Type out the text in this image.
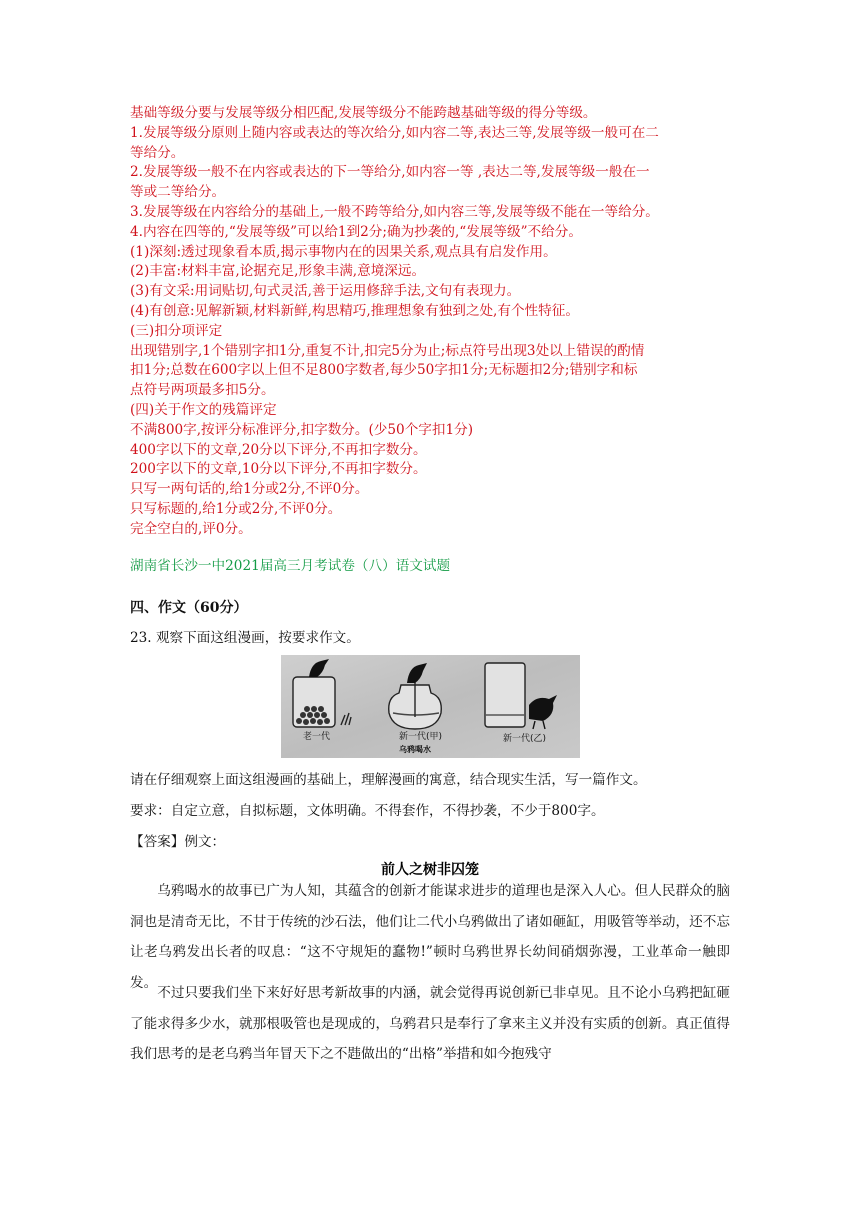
基础等级分要与发展等级分相匹配,发展等级分不能跨越基础等级的得分等级。

1.发展等级分原则上随内容或表达的等次给分,如内容二等,表达三等,发展等级一般可在二

等给分。

2.发展等级一般不在内容或表达的下一等给分,如内容一等 ,表达二等,发展等级一般在一

等或二等给分。

3.发展等级在内容给分的基础上,一般不跨等给分,如内容三等,发展等级不能在一等给分。

4.内容在四等的,“发展等级”可以给1到2分;确为抄袭的,“发展等级”不给分。

(1)深刻:透过现象看本质,揭示事物内在的因果关系,观点具有启发作用。

(2)丰富:材料丰富,论据充足,形象丰满,意境深远。

(3)有文采:用词贴切,句式灵活,善于运用修辞手法,文句有表现力。

(4)有创意:见解新颖,材料新鲜,构思精巧,推理想象有独到之处,有个性特征。

(三)扣分项评定

出现错别字,1个错别字扣1分,重复不计,扣完5分为止;标点符号出现3处以上错误的酌情

扣1分;总数在600字以上但不足800字数者,每少50字扣1分;无标题扣2分;错别字和标

点符号两项最多扣5分。

(四)关于作文的残篇评定

不满800字,按评分标准评分,扣字数分。(少50个字扣1分)

400字以下的文章,20分以下评分,不再扣字数分。

200字以下的文章,10分以下评分,不再扣字数分。

只写一两句话的,给1分或2分,不评0分。

只写标题的,给1分或2分,不评0分。

完全空白的,评0分。

湖南省长沙一中2021届高三月考试卷（八）语文试题
四、作文（60分）
23. 观察下面这组漫画，按要求作文。
老一代	新一代(甲)
乌鸦喝水
新一代(乙)
请在仔细观察上面这组漫画的基础上，理解漫画的寓意，结合现实生活，写一篇作文。
要求：自定立意，自拟标题，文体明确。不得套作，不得抄袭，不少于800字。
【答案】例文：
前人之树非囚笼

乌鸦喝水的故事已广为人知，其蕴含的创新才能谋求进步的道理也是深入人心。但人民群众的脑洞也是清奇无比，不甘于传统的沙石法，他们让二代小乌鸦做出了诸如砸缸，用吸管等举动，还不忘让老乌鸦发出长者的叹息：“这不守规矩的蠢物!”顿时乌鸦世界长幼间硝烟弥漫，工业革命一触即发。

不过只要我们坐下来好好思考新故事的内涵，就会觉得再说创新已非卓见。且不论小乌鸦把缸砸了能求得多少水，就那根吸管也是现成的，乌鸦君只是奉行了拿来主义并没有实质的创新。真正值得我们思考的是老乌鸦当年冒天下之不韪做出的“出格”举措和如今抱残守
